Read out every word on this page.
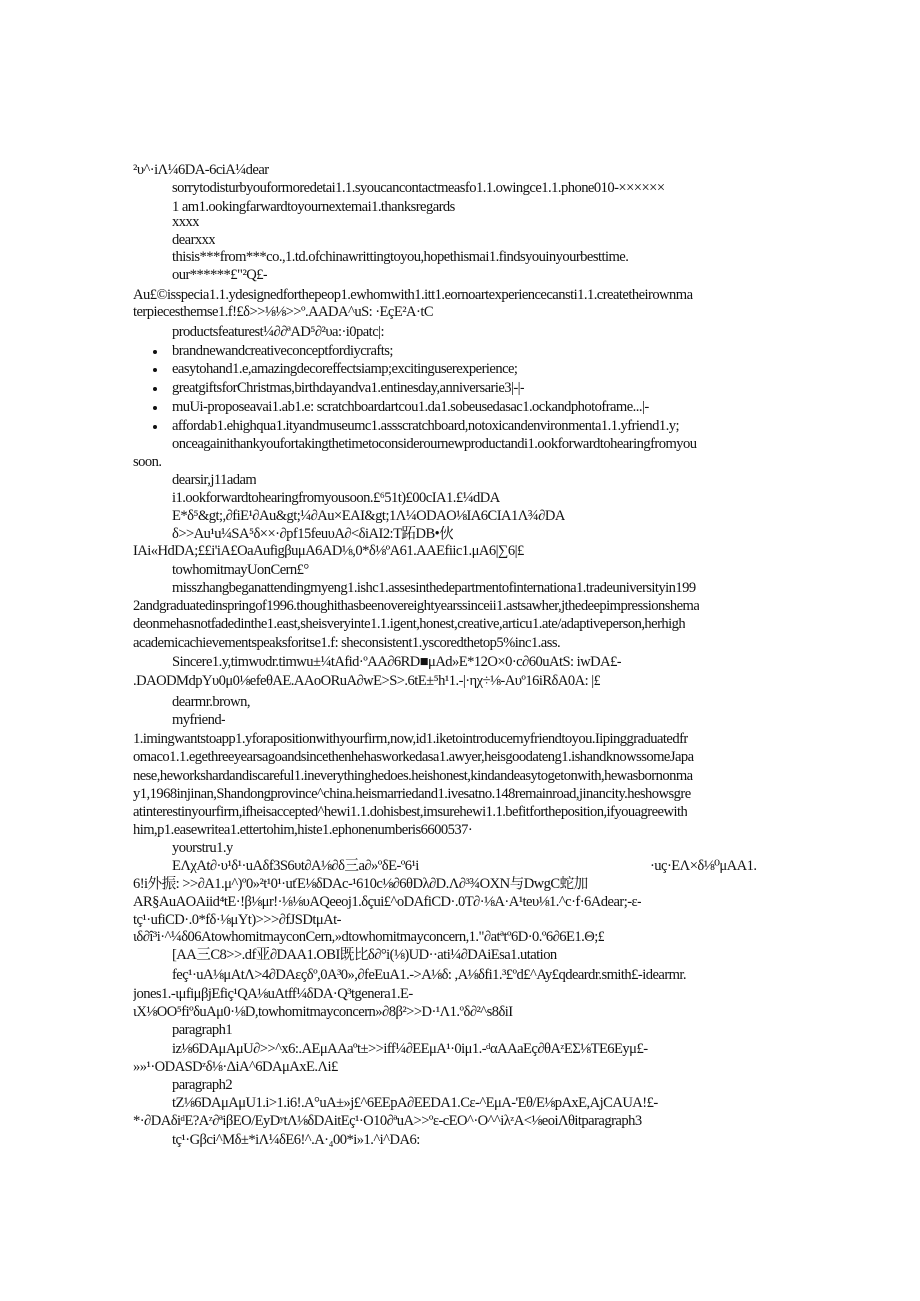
²υ^·iΛ¼6DA-6ciA¼dear
sorrytodisturbyouformoredetai1.1.syoucancontactmeasfo1.1.owingce1.1.phone010-××××××
1 am1.ookingfarwardtoyournextemai1.thanksregards
xxxx
dearxxx
thisis***from***co.,1.td.ofchinawrittingtoyou,hopethismai1.findsyouinyourbesttime.
our******£"²Q£-
Au£©isspecia1.1.ydesignedforthepeop1.ewhomwith1.itt1.eornoartexperiencecansti1.1.createtheirownma
terpiecesthemse1.f!£δ>>⅛⅛>>º.AADA^uS: ·EçE²A·tC
productsfeaturest¼∂∂ªAD⁵∂²υa:·i0patc|:
brandnewandcreativeconceptfordiycrafts;
easytohand1.e,amazingdecoreffectsiamp;excitinguserexperience;
greatgiftsforChristmas,birthdayandva1.entinesday,anniversarie3|-|-
muUi-proposeavai1.ab1.e: scratchboardartcou1.da1.sobeusedasac1.ockandphotoframe...|-
affordab1.ehighqua1.ityandmuseumc1.asss​cratchboard,notoxicandenvironmenta1.1.yfriend1.y;
onceagainithankyoufortakingthetimetoconsiderournewproductandi1.ookforwardtohearingfromyou
soon.
dearsir,j11adam
i1.ookforwardtohearingfromyousoon.£⁶51t)£00cIA1.£¼dDA
E*δ⁵&gt;,∂fiE¹∂Au&gt;¼∂Au×EAI&gt;1Λ¼ODAO⅛IA6CIA1Λ¾∂DA
δ>>Au¹u¼SA⁵δ××·∂pf15feuυA∂<δiAI2:T跖DB•伙
IAi«HdDA;££i'iA£OaAufigβuμA6AD⅛,0*δ⅛ºA61.AAEfiic1.μA6|∑6|£
towhomitmayUonCern£°
misszhangbeganattendingmyeng1.ishc1.assesinthedepartmentofinternationa1.tradeuniversityin199
2andgraduatedinspringof1996.thoughithasbeenovereightyearssinceii1.astsawher,jthedeepimpressionshema
deonmehasnotfadedinthe1.east,sheisveryinte1.1.igent,honest,creative,articu1.ate/adaptiveperson,herhigh
academicachievementspeaksforitse1.f: sheconsistent1.yscoredthetop5%inc1.ass.
Sincere1.y,timwυdr.timwu±¼tAfid·ºAA∂6RD■μAd»E*12O×0·c∂60uAtS: iwDA£-
.DAODMdpYυ0μ0⅛efeθAE.AAoORuA∂wE>S>.6tE±⁵h¹1.-|·ηχ÷⅛-Aυº16iRδA0A: |£
dearmr.brown,
myfriend-
1.imingwantstoapp1.yforapositionwithyourfirm,now,id1.iketointroducemyfriendtoyou.Iipinggraduatedfr
omaco1.1.egethreeyearsagoandsincethenhehasworkedasa1.awyer,heisgoodateng1.ishandknowssomeJapa
nese,heworkshardandiscareful1.ineverythinghedoes.heishonest,kindandeasytogetonwith,hewasbornonma
y1,1968injinan,Shandongprovince^china.heismarriedand1.ivesatno.148remainroad,jinancity.heshowsgre
atinterestinyourfirm,ifheisaccepted^hewi1.1.dohisbest,imsurehewi1.1.befitfortheposition,ifyouagreewith
him,p1.easewritea1.ettertohim,histe1.ephonenumberis6600537·
yoυrstru1.y
EΛχAt∂·υ¹δ¹·uAδf3S6υt∂A⅛∂δ三a∂»ºδE-º6¹i	·uç·EΛ×δ⅛⁰μAA1.
6!i外振: >>∂A1.μ^)º0»²t¹0¹·utΈ⅛δDAc-¹610c⅛∂6θDλ∂D.Λ∂³¾OXN与DwgC蛇加
AR§AuAOAiid⁴tE·!β⅛μr!·⅛⅛υAQeeoj1.δçui£^oDAfiCD·.0T∂·⅛A·A¹teυ⅛1.^c·f·6Adear;-ε-
tç¹·ufiCD·.0*fδ·⅛μYt)>>>∂fJSDtμAt-
ιδ∂î³i·^¼δ06AtowhomitmayconCern,»dtowhomitmayconcern,1."∂atªtº6D·0.º6∂6E1.Θ;£
[AA三C8>>.df亚∂DAA1.OBI既比δ∂°i(⅛)UD··ati¼∂DAiEsa1.utation
feç¹·uA⅛μAtΛ>4∂DAεçδº,0A³0»,∂feEuA1.->A⅛δ: ,A⅛δfi1.³£ºd£^Ay£qdeardr.smith£-idearmr.
jones1.-ιμfiμβjEfiç¹QA⅛uAtff¼δDA·Q³tgenera1.E-
ιX⅛OO⁵fiºδuAμ0·⅛D,towhomitmayconcern»∂8β²>>D·¹Λ1.ºδ∂²^s8δiI
paragraph1
iz⅛6DAμAμU∂>>^x6:.AEμAAaºt±>>iff¼∂EEμA¹·0iμ1.-ᵈαAAaEç∂θAᶻEΣ⅛TE6Eyμ£-
»»¹·ODASDᶻδ⅛·ΔiA^6DAμAxE.Λi£
paragraph2
tZ⅛6DAμAμU1.i>1.i6!.A°uA±»j£^6EEpA∂EEDA1.Cε-^EμA-'Eθ/E⅛pAxE,AjCAUA!£-
*·∂DAδiᵈE?Aᶻ∂ªiβEO/EyDʸtΛ⅛δDAitEç¹·O10∂ªuA>>ºε-cEO^·O^^iλᶻA<⅛eoiΛθitparagraph3
tç¹·Gβci^Mδ±*iΛ¼δE6!^.A·₄00*i»1.^i^DA6:
